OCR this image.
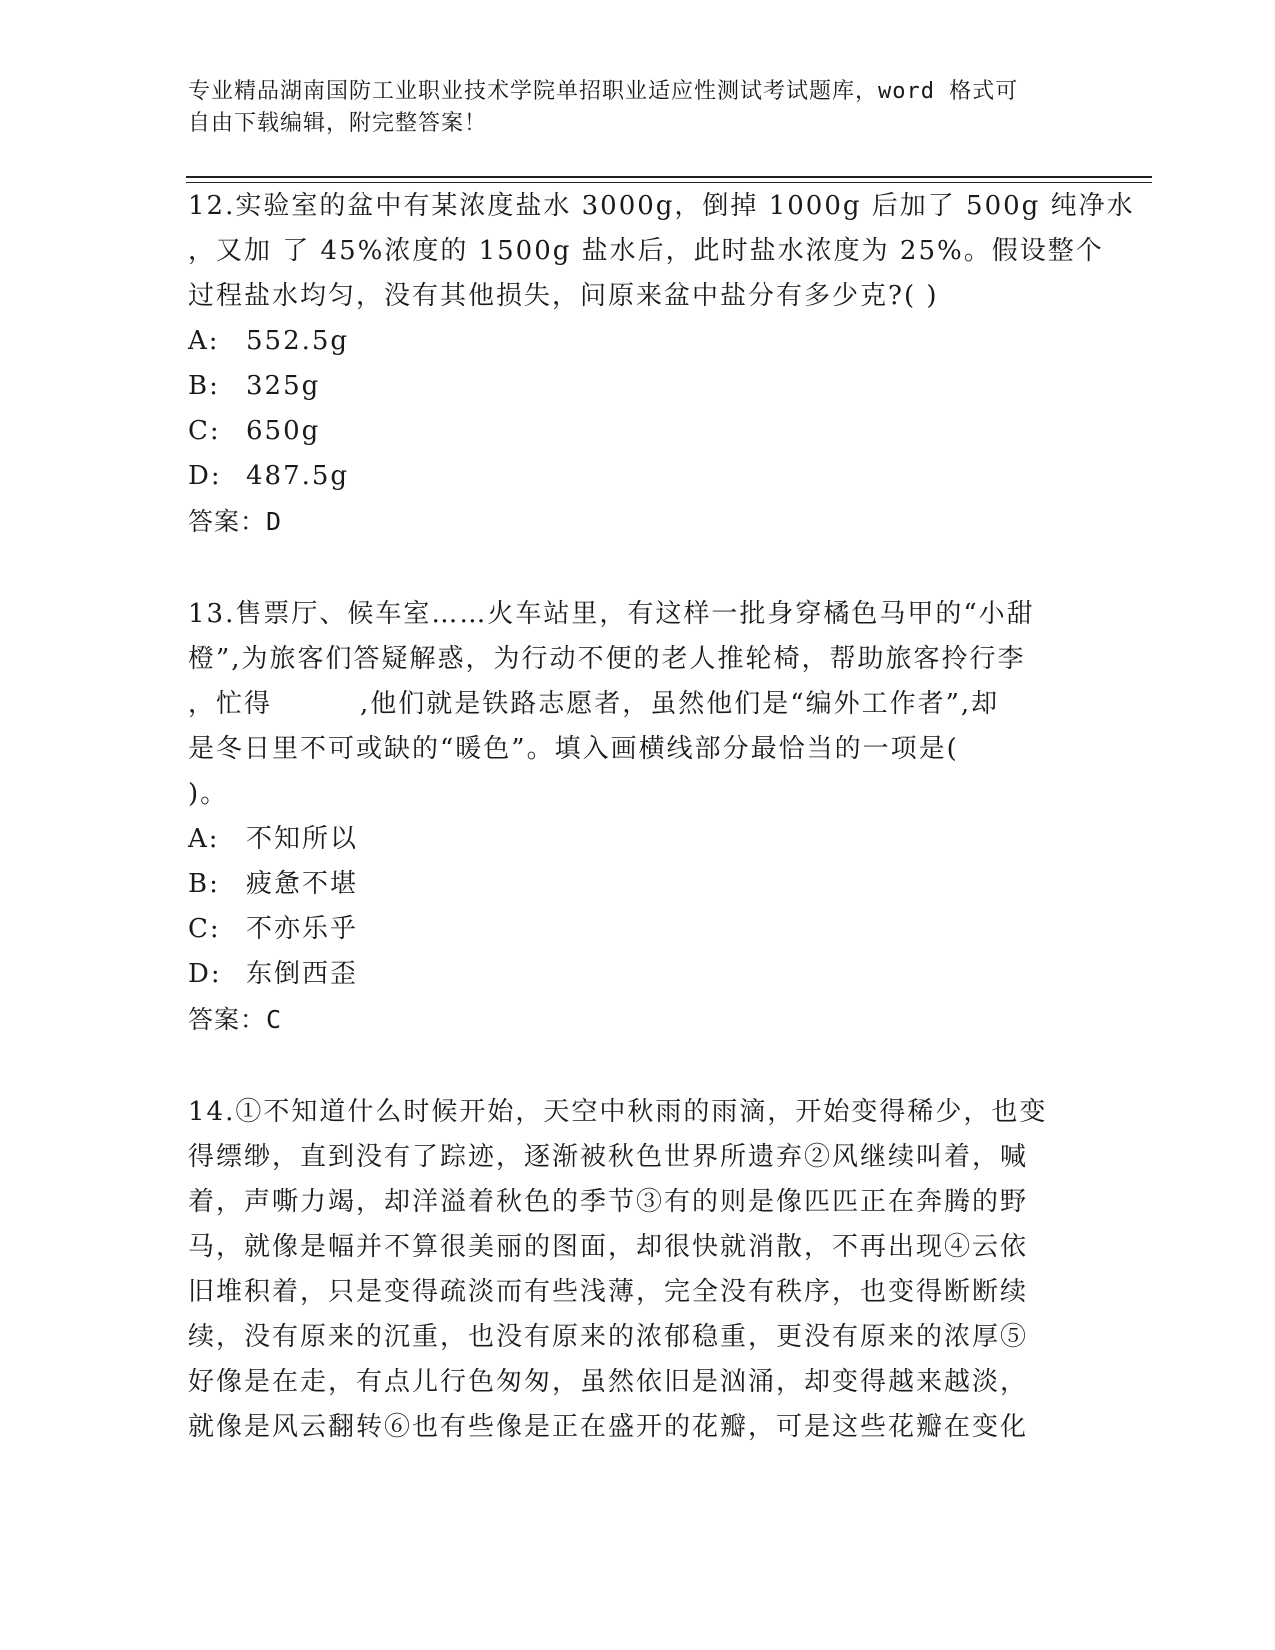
专业精品湖南国防工业职业技术学院单招职业适应性测试考试题库，word 格式可
自由下载编辑，附完整答案！
12.实验室的盆中有某浓度盐水 3000g，倒掉 1000g 后加了 500g 纯净水
，又加 了 45%浓度的 1500g 盐水后，此时盐水浓度为 25%。假设整个
过程盐水均匀，没有其他损失，问原来盆中盐分有多少克?( )
A: 552.5g
B: 325g
C: 650g
D: 487.5g
答案：D
13.售票厅、候车室……火车站里，有这样一批身穿橘色马甲的“小甜
橙”,为旅客们答疑解惑，为行动不便的老人推轮椅，帮助旅客拎行李
，忙得	,他们就是铁路志愿者，虽然他们是“编外工作者”,却
是冬日里不可或缺的“暖色”。填入画横线部分最恰当的一项是(
)。
A: 不知所以
B: 疲惫不堪
C: 不亦乐乎
D: 东倒西歪
答案：C
14.①不知道什么时候开始，天空中秋雨的雨滴，开始变得稀少，也变
得缥缈，直到没有了踪迹，逐渐被秋色世界所遗弃②风继续叫着，喊
着，声嘶力竭，却洋溢着秋色的季节③有的则是像匹匹正在奔腾的野
马，就像是幅并不算很美丽的图面，却很快就消散，不再出现④云依
旧堆积着，只是变得疏淡而有些浅薄，完全没有秩序，也变得断断续
续，没有原来的沉重，也没有原来的浓郁稳重，更没有原来的浓厚⑤
好像是在走，有点儿行色匆匆，虽然依旧是汹涌，却变得越来越淡，
就像是风云翻转⑥也有些像是正在盛开的花瓣，可是这些花瓣在变化
